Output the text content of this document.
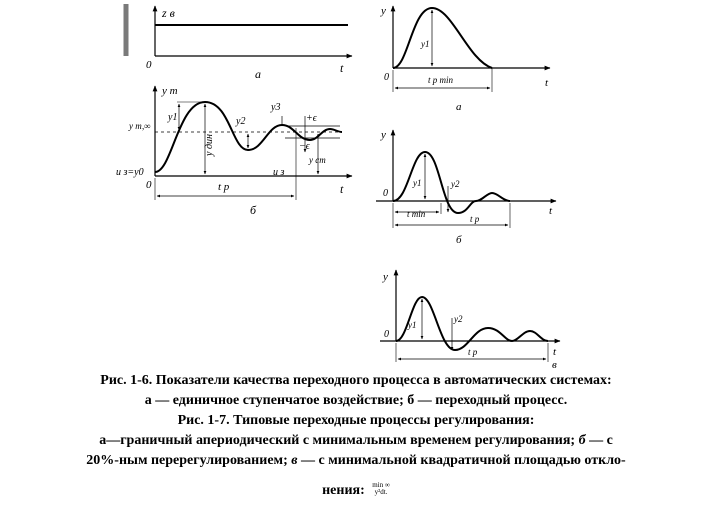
z в
t
0
а
y т
t
y т,∞
u з=y0	u з
y1
y дин
y2
y3
+ϵ
−ϵ
y ст
0	t р
б
y
t
0
y1
t р min
а
y
t
0
y1	y2
t min	t р
б
y
t
0
y1
y2
t р
в
Рис. 1-6. Показатели качества переходного процесса в автоматических системах:
а — единичное ступенчатое воздействие; б — переходный процесс.
Рис. 1-7. Типовые переходные процессы регулирования:
а—граничный апериодический с минимальным временем регулирования; б — с
20%-ным перерегулированием; в — с минимальной квадратичной площадью откло-
нения: min ∞
y²dt.
